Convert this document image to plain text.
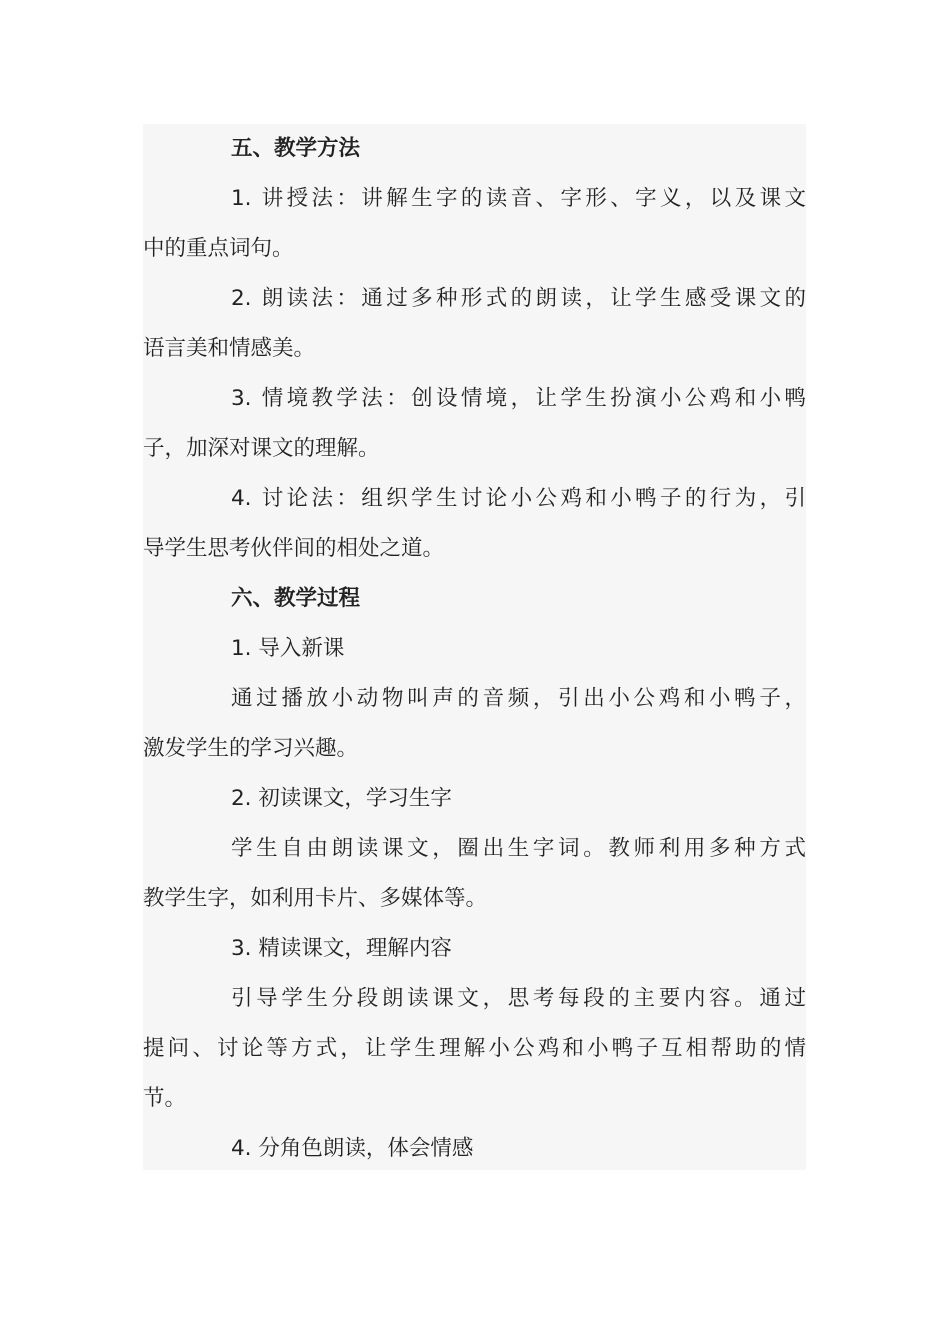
五、教学方法
1. 讲授法：讲解生字的读音、字形、字义，以及课文
中的重点词句。
2. 朗读法：通过多种形式的朗读，让学生感受课文的
语言美和情感美。
3. 情境教学法：创设情境，让学生扮演小公鸡和小鸭
子，加深对课文的理解。
4. 讨论法：组织学生讨论小公鸡和小鸭子的行为，引
导学生思考伙伴间的相处之道。
六、教学过程
1. 导入新课
通过播放小动物叫声的音频，引出小公鸡和小鸭子，
激发学生的学习兴趣。
2. 初读课文，学习生字
学生自由朗读课文，圈出生字词。教师利用多种方式
教学生字，如利用卡片、多媒体等。
3. 精读课文，理解内容
引导学生分段朗读课文，思考每段的主要内容。通过
提问、讨论等方式，让学生理解小公鸡和小鸭子互相帮助的情
节。
4. 分角色朗读，体会情感
